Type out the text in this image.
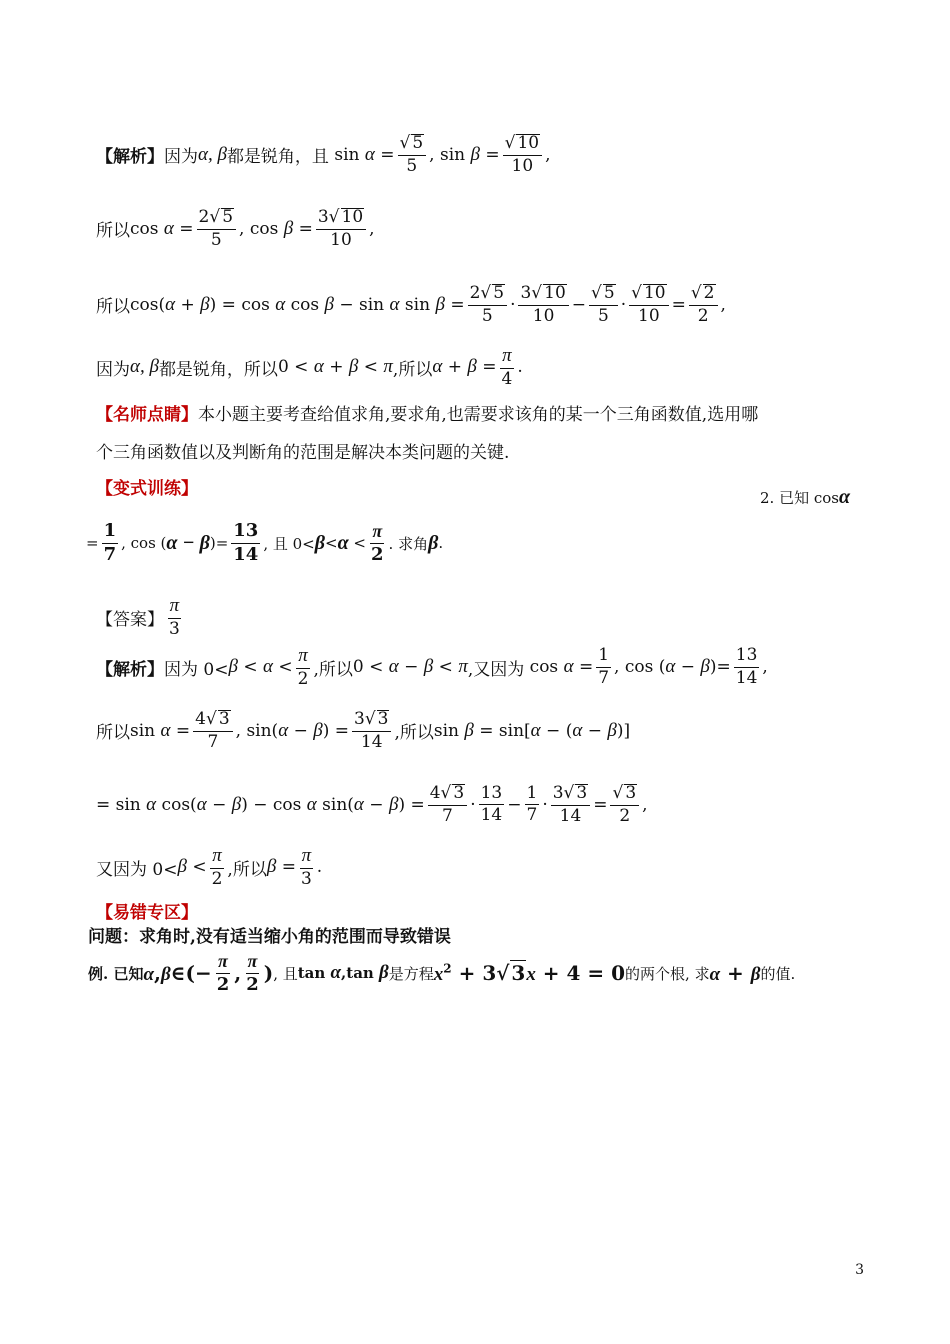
【解析】 因为 α, β 都是锐角，且 $\sin \alpha = \frac{√ 5}{5}$ , $\sin \beta = \frac{√ 10}{10}$ ,
所以 $\cos \alpha = \frac{2√ 5}{5}$ , $\cos \beta = \frac{3√ 10}{10}$ ,
所以 cos(α + β) = cos α cos β − sin α $\sin \beta = \frac{2√ 5}{5} \cdot \frac{3√ 10}{10} - \frac{√ 5}{5} \cdot \frac{√ 10}{10} = \frac{√ 2}{2}$ ,
因为 α, β 都是锐角，所以 0 < α + β < π ,所以 $\alpha + \beta = \frac{\pi}{4}$ .
【名师点睛】 本小题主要考查给值求角,要求角,也需要求该角的某一个三角函数值,选用哪
个三角函数值以及判断角的范围是解决本类问题的关键.
【变式训练】	2. 已知 cos α
= $\frac{1}{7}$ , cos ( α − β )= $\frac{13}{14}$ , 且 $0< \beta < \alpha < \frac{\pi}{2}$ . 求角 β .
【答案】 $\frac{\pi}{3}$
【解析】 因为 $0< \beta < \alpha < \frac{\pi}{2}$ ,所以 0 < α − β < π ,又因为 $\cos \alpha = \frac{1}{7}$ , $\cos (\alpha - \beta)= \frac{13}{14}$ ,
所以 $\sin \alpha = \frac{4√ 3}{7}$ , $\sin(\alpha - \beta) = \frac{3√ 3}{14}$ ,所以 sin β = sin[α − (α − β)]
= sin α cos(α − β) − cos α $\sin(\alpha - \beta) = \frac{4√ 3}{7} \cdot \frac{13}{14} - \frac{1}{7} \cdot \frac{3√ 3}{14} = \frac{√ 3}{2}$ ,
又因为 $0< \beta < \frac{\pi}{2}$ ,所以 $\beta = \frac{\pi}{3}$ .
【易错专区】
问题：求角时,没有适当缩小角的范围而导致错误
例. 已知 α,β∈(− $\frac{\pi}{2}$ , $\frac{\pi}{2}$ ) , 且 tan α,tan β 是方程 $x^2 + 3√$ 3x + 4 = 0 的两个根, 求 α + β 的值.
3
